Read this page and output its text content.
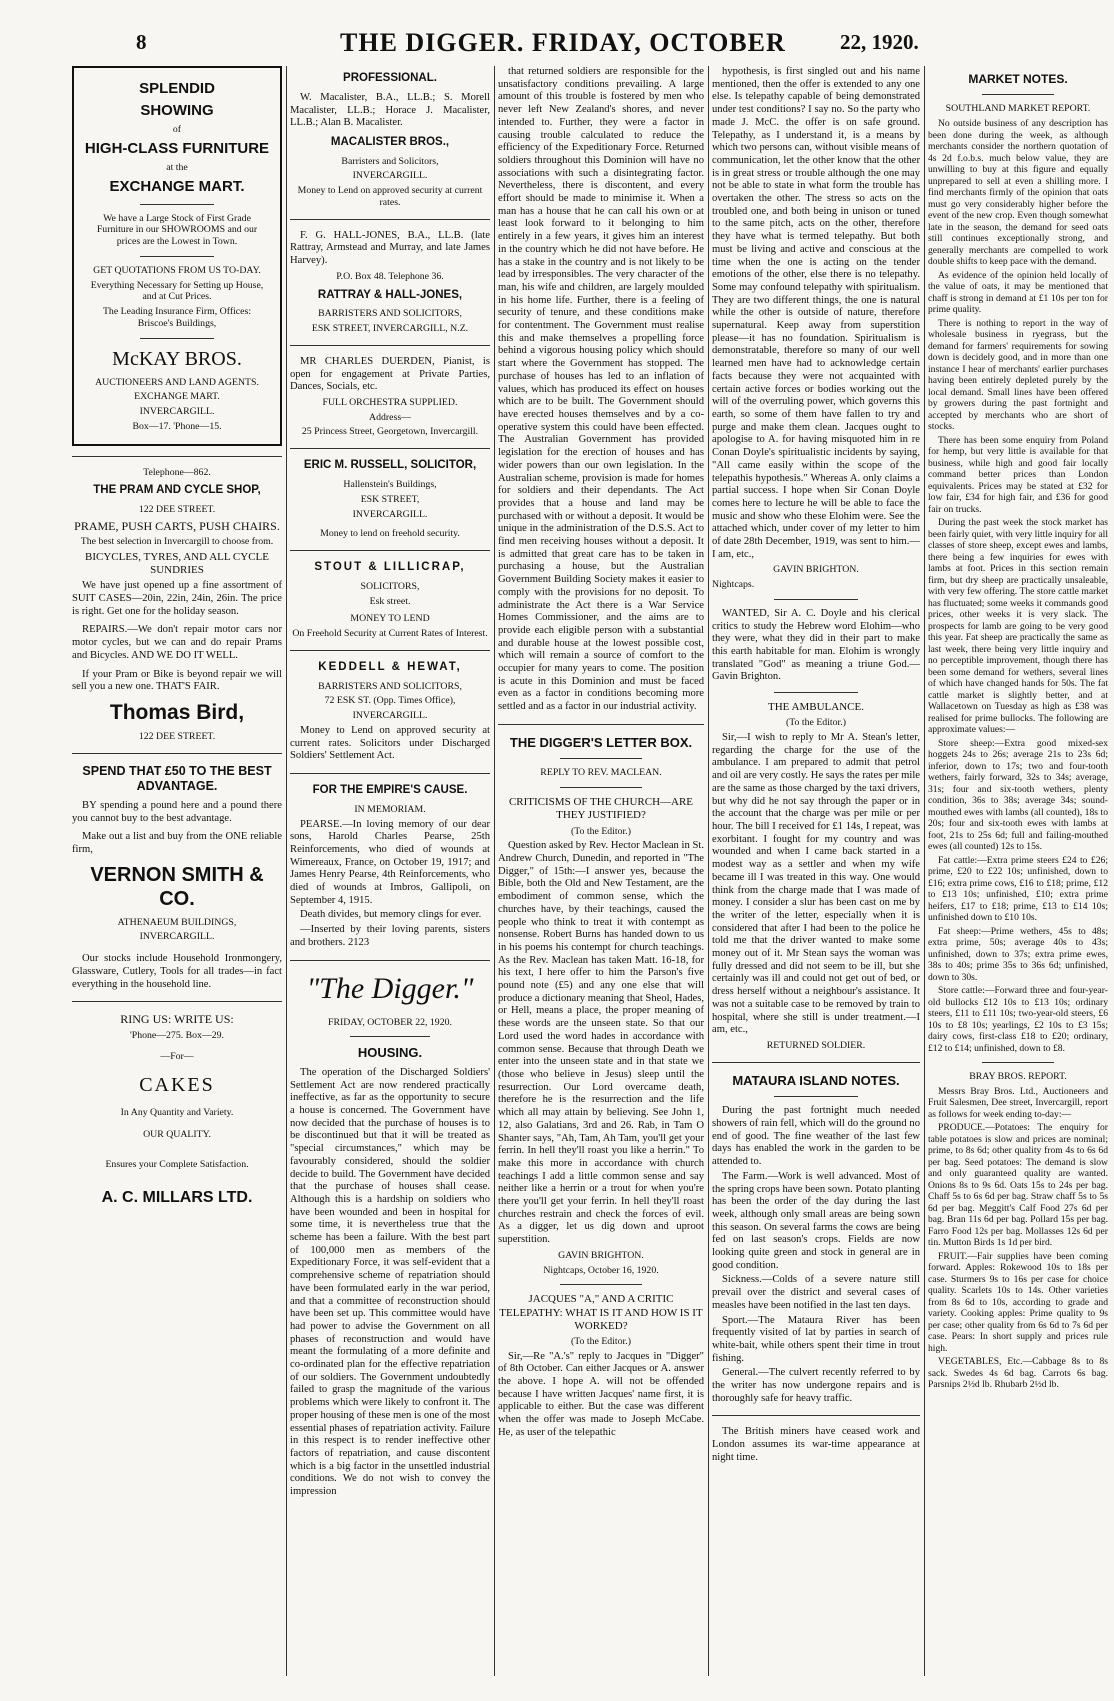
8	THE DIGGER. FRIDAY, OCTOBER	22, 1920.
SPLENDID
SHOWING
of
HIGH-CLASS FURNITURE
at the
EXCHANGE MART.
We have a Large Stock of First Grade Furniture in our SHOWROOMS and our prices are the Lowest in Town.
GET QUOTATIONS FROM US TO-DAY.
Everything Necessary for Setting up House, and at Cut Prices.
The Leading Insurance Firm, Offices: Briscoe's Buildings,
McKAY BROS.
AUCTIONEERS AND LAND AGENTS.
EXCHANGE MART.
INVERCARGILL.
Box—17. 'Phone—15.
Telephone—862.
THE PRAM AND CYCLE SHOP,
122 DEE STREET.
PRAME, PUSH CARTS, PUSH CHAIRS.
The best selection in Invercargill to choose from.
BICYCLES, TYRES, AND ALL CYCLE SUNDRIES

We have just opened up a fine assortment of SUIT CASES—20in, 22in, 24in, 26in. The price is right. Get one for the holiday season.

REPAIRS.—We don't repair motor cars nor motor cycles, but we can and do repair Prams and Bicycles. AND WE DO IT WELL.

If your Pram or Bike is beyond repair we will sell you a new one. THAT'S FAIR.

Thomas Bird,
122 DEE STREET.
SPEND THAT £50 TO THE BEST ADVANTAGE.

BY spending a pound here and a pound there you cannot buy to the best advantage.

Make out a list and buy from the ONE reliable firm,

VERNON SMITH & CO.
ATHENAEUM BUILDINGS,
INVERCARGILL.

Our stocks include Household Ironmongery, Glassware, Cutlery, Tools for all trades—in fact everything in the household line.

RING US: WRITE US:
'Phone—275. Box—29.
—For—
CAKES
In Any Quantity and Variety.
OUR QUALITY.
Ensures your Complete Satisfaction.
A. C. MILLARS LTD.
PROFESSIONAL.

W. Macalister, B.A., LL.B.; S. Morell Macalister, LL.B.; Horace J. Macalister, LL.B.; Alan B. Macalister.

MACALISTER BROS.,
Barristers and Solicitors,
INVERCARGILL.
Money to Lend on approved security at current rates.

F. G. HALL-JONES, B.A., LL.B. (late Rattray, Armstead and Murray, and late James Harvey).

P.O. Box 48. Telephone 36.
RATTRAY & HALL-JONES,
BARRISTERS AND SOLICITORS,
ESK STREET, INVERCARGILL, N.Z.

MR CHARLES DUERDEN, Pianist, is open for engagement at Private Parties, Dances, Socials, etc.

FULL ORCHESTRA SUPPLIED.
Address—
25 Princess Street, Georgetown, Invercargill.
ERIC M. RUSSELL, SOLICITOR,
Hallenstein's Buildings,
ESK STREET,
INVERCARGILL.
Money to lend on freehold security.
STOUT & LILLICRAP,
SOLICITORS,
Esk street.
MONEY TO LEND
On Freehold Security at Current Rates of Interest.
KEDDELL & HEWAT,
BARRISTERS AND SOLICITORS,
72 ESK ST. (Opp. Times Office),
INVERCARGILL.

Money to Lend on approved security at current rates. Solicitors under Discharged Soldiers' Settlement Act.

FOR THE EMPIRE'S CAUSE.
IN MEMORIAM.

PEARSE.—In loving memory of our dear sons, Harold Charles Pearse, 25th Reinforcements, who died of wounds at Wimereaux, France, on October 19, 1917; and James Henry Pearse, 4th Reinforcements, who died of wounds at Imbros, Gallipoli, on September 4, 1915.

Death divides, but memory clings for ever.

—Inserted by their loving parents, sisters and brothers. 2123

"The Digger."
FRIDAY, OCTOBER 22, 1920.
HOUSING.

The operation of the Discharged Soldiers' Settlement Act are now rendered practically ineffective, as far as the opportunity to secure a house is concerned. The Government have now decided that the purchase of houses is to be discontinued but that it will be treated as "special circumstances," which may be favourably considered, should the soldier decide to build. The Government have decided that the purchase of houses shall cease. Although this is a hardship on soldiers who have been wounded and been in hospital for some time, it is nevertheless true that the scheme has been a failure. With the best part of 100,000 men as members of the Expeditionary Force, it was self-evident that a comprehensive scheme of repatriation should have been formulated early in the war period, and that a committee of reconstruction should have been set up. This committee would have had power to advise the Government on all phases of reconstruction and would have meant the formulating of a more definite and co-ordinated plan for the effective repatriation of our soldiers. The Government undoubtedly failed to grasp the magnitude of the various problems which were likely to confront it. The proper housing of these men is one of the most essential phases of repatriation activity. Failure in this respect is to render ineffective other factors of repatriation, and cause discontent which is a big factor in the unsettled industrial conditions. We do not wish to convey the impression

that returned soldiers are responsible for the unsatisfactory conditions prevailing. A large amount of this trouble is fostered by men who never left New Zealand's shores, and never intended to. Further, they were a factor in causing trouble calculated to reduce the efficiency of the Expeditionary Force. Returned soldiers throughout this Dominion will have no associations with such a disintegrating factor. Nevertheless, there is discontent, and every effort should be made to minimise it. When a man has a house that he can call his own or at least look forward to it belonging to him entirely in a few years, it gives him an interest in the country which he did not have before. He has a stake in the country and is not likely to be lead by irresponsibles. The very character of the man, his wife and children, are largely moulded in his home life. Further, there is a feeling of security of tenure, and these conditions make for contentment. The Government must realise this and make themselves a propelling force behind a vigorous housing policy which should start where the Government has stopped. The purchase of houses has led to an inflation of values, which has produced its effect on houses which are to be built. The Government should have erected houses themselves and by a co-operative system this could have been effected. The Australian Government has provided legislation for the erection of houses and has wider powers than our own legislation. In the Australian scheme, provision is made for homes for soldiers and their dependants. The Act provides that a house and land may be purchased with or without a deposit. It would be unique in the administration of the D.S.S. Act to find men receiving houses without a deposit. It is admitted that great care has to be taken in purchasing a house, but the Australian Government Building Society makes it easier to comply with the provisions for no deposit. To administrate the Act there is a War Service Homes Commissioner, and the aims are to provide each eligible person with a substantial and durable house at the lowest possible cost, which will remain a source of comfort to the occupier for many years to come. The position is acute in this Dominion and must be faced even as a factor in conditions becoming more settled and as a factor in our industrial activity.

THE DIGGER'S LETTER BOX.
REPLY TO REV. MACLEAN.
CRITICISMS OF THE CHURCH—ARE THEY JUSTIFIED?
(To the Editor.)

Question asked by Rev. Hector Maclean in St. Andrew Church, Dunedin, and reported in "The Digger," of 15th:—I answer yes, because the Bible, both the Old and New Testament, are the embodiment of common sense, which the churches have, by their teachings, caused the people who think to treat it with contempt as nonsense. Robert Burns has handed down to us in his poems his contempt for church teachings. As the Rev. Maclean has taken Matt. 16-18, for his text, I here offer to him the Parson's five pound note (£5) and any one else that will produce a dictionary meaning that Sheol, Hades, or Hell, means a place, the proper meaning of these words are the unseen state. So that our Lord used the word hades in accordance with common sense. Because that through Death we enter into the unseen state and in that state we (those who believe in Jesus) sleep until the resurrection. Our Lord overcame death, therefore he is the resurrection and the life which all may attain by believing. See John 1, 12, also Galatians, 3rd and 26. Rab, in Tam O Shanter says, "Ah, Tam, Ah Tam, you'll get your ferrin. In hell they'll roast you like a herrin." To make this more in accordance with church teachings I add a little common sense and say neither like a herrin or a trout for when you're there you'll get your ferrin. In hell they'll roast churches restrain and check the forces of evil. As a digger, let us dig down and uproot superstition.

GAVIN BRIGHTON.
Nightcaps, October 16, 1920.
JACQUES "A," AND A CRITIC TELEPATHY: WHAT IS IT AND HOW IS IT WORKED?
(To the Editor.)

Sir,—Re "A.'s" reply to Jacques in "Digger" of 8th October. Can either Jacques or A. answer the above. I hope A. will not be offended because I have written Jacques' name first, it is applicable to either. But the case was different when the offer was made to Joseph McCabe. He, as user of the telepathic

hypothesis, is first singled out and his name mentioned, then the offer is extended to any one else. Is telepathy capable of being demonstrated under test conditions? I say no. So the party who made J. McC. the offer is on safe ground. Telepathy, as I understand it, is a means by which two persons can, without visible means of communication, let the other know that the other is in great stress or trouble although the one may not be able to state in what form the trouble has overtaken the other. The stress so acts on the troubled one, and both being in unison or tuned to the same pitch, acts on the other, therefore they have what is termed telepathy. But both must be living and active and conscious at the time when the one is acting on the tender emotions of the other, else there is no telepathy. Some may confound telepathy with spiritualism. They are two different things, the one is natural while the other is outside of nature, therefore supernatural. Keep away from superstition please—it has no foundation. Spiritualism is demonstratable, therefore so many of our well learned men have had to acknowledge certain facts because they were not acquainted with certain active forces or bodies working out the will of the overruling power, which governs this earth, so some of them have fallen to try and purge and make them clean. Jacques ought to apologise to A. for having misquoted him in re Conan Doyle's spiritualistic incidents by saying, "All came easily within the scope of the telepathis hypothesis." Whereas A. only claims a partial success. I hope when Sir Conan Doyle comes here to lecture he will be able to face the music and show who these Elohim were. See the attached which, under cover of my letter to him of date 28th December, 1919, was sent to him.—I am, etc.,

GAVIN BRIGHTON.
Nightcaps.

WANTED, Sir A. C. Doyle and his clerical critics to study the Hebrew word Elohim—who they were, what they did in their part to make this earth habitable for man. Elohim is wrongly translated "God" as meaning a triune God.—Gavin Brighton.

THE AMBULANCE.
(To the Editor.)

Sir,—I wish to reply to Mr A. Stean's letter, regarding the charge for the use of the ambulance. I am prepared to admit that petrol and oil are very costly. He says the rates per mile are the same as those charged by the taxi drivers, but why did he not say through the paper or in the account that the charge was per mile or per hour. The bill I received for £1 14s, I repeat, was exorbitant. I fought for my country and was wounded and when I came back started in a modest way as a settler and when my wife became ill I was treated in this way. One would think from the charge made that I was made of money. I consider a slur has been cast on me by the writer of the letter, especially when it is considered that after I had been to the police he told me that the driver wanted to make some money out of it. Mr Stean says the woman was fully dressed and did not seem to be ill, but she certainly was ill and could not get out of bed, or dress herself without a neighbour's assistance. It was not a suitable case to be removed by train to hospital, where she still is under treatment.—I am, etc.,

RETURNED SOLDIER.
MATAURA ISLAND NOTES.

During the past fortnight much needed showers of rain fell, which will do the ground no end of good. The fine weather of the last few days has enabled the work in the garden to be attended to.

The Farm.—Work is well advanced. Most of the spring crops have been sown. Potato planting has been the order of the day during the last week, although only small areas are being sown this season. On several farms the cows are being fed on last season's crops. Fields are now looking quite green and stock in general are in good condition.

Sickness.—Colds of a severe nature still prevail over the district and several cases of measles have been notified in the last ten days.

Sport.—The Mataura River has been frequently visited of lat by parties in search of white-bait, while others spent their time in trout fishing.

General.—The culvert recently referred to by the writer has now undergone repairs and is thoroughly safe for heavy traffic.

The British miners have ceased work and London assumes its war-time appearance at night time.

MARKET NOTES.
SOUTHLAND MARKET REPORT.

No outside business of any description has been done during the week, as although merchants consider the northern quotation of 4s 2d f.o.b.s. much below value, they are unwilling to buy at this figure and equally unprepared to sell at even a shilling more. I find merchants firmly of the opinion that oats must go very considerably higher before the event of the new crop. Even though somewhat late in the season, the demand for seed oats still continues exceptionally strong, and generally merchants are compelled to work double shifts to keep pace with the demand.

As evidence of the opinion held locally of the value of oats, it may be mentioned that chaff is strong in demand at £1 10s per ton for prime quality.

There is nothing to report in the way of wholesale business in ryegrass, but the demand for farmers' requirements for sowing down is decidely good, and in more than one instance I hear of merchants' earlier purchases having been entirely depleted purely by the local demand. Small lines have been offered by growers during the past fortnight and accepted by merchants who are short of stocks.

There has been some enquiry from Poland for hemp, but very little is available for that business, while high and good fair locally command better prices than London equivalents. Prices may be stated at £32 for low fair, £34 for high fair, and £36 for good fair on trucks.

During the past week the stock market has been fairly quiet, with very little inquiry for all classes of store sheep, except ewes and lambs, there being a few inquiries for ewes with lambs at foot. Prices in this section remain firm, but dry sheep are practically unsaleable, with very few offering. The store cattle market has fluctuated; some weeks it commands good prices, other weeks it is very slack. The prospects for lamb are going to be very good this year. Fat sheep are practically the same as last week, there being very little inquiry and no perceptible improvement, though there has been some demand for wethers, several lines of which have changed hands for 50s. The fat cattle market is slightly better, and at Wallacetown on Tuesday as high as £38 was realised for prime bullocks. The following are approximate values:—

Store sheep:—Extra good mixed-sex hoggets 24s to 26s; average 21s to 23s 6d; inferior, down to 17s; two and four-tooth wethers, fairly forward, 32s to 34s; average, 31s; four and six-tooth wethers, plenty condition, 36s to 38s; average 34s; sound-mouthed ewes with lambs (all counted), 18s to 20s; four and six-tooth ewes with lambs at foot, 21s to 25s 6d; full and failing-mouthed ewes (all counted) 12s to 15s.

Fat cattle:—Extra prime steers £24 to £26; prime, £20 to £22 10s; unfinished, down to £16; extra prime cows, £16 to £18; prime, £12 to £13 10s; unfinished, £10; extra prime heifers, £17 to £18; prime, £13 to £14 10s; unfinished down to £10 10s.

Fat sheep:—Prime wethers, 45s to 48s; extra prime, 50s; average 40s to 43s; unfinished, down to 37s; extra prime ewes, 38s to 40s; prime 35s to 36s 6d; unfinished, down to 30s.

Store cattle:—Forward three and four-year-old bullocks £12 10s to £13 10s; ordinary steers, £11 to £11 10s; two-year-old steers, £6 10s to £8 10s; yearlings, £2 10s to £3 15s; dairy cows, first-class £18 to £20; ordinary, £12 to £14; unfinished, down to £8.

BRAY BROS. REPORT.

Messrs Bray Bros. Ltd., Auctioneers and Fruit Salesmen, Dee street, Invercargill, report as follows for week ending to-day:—

PRODUCE.—Potatoes: The enquiry for table potatoes is slow and prices are nominal; prime, to 8s 6d; other quality from 4s to 6s 6d per bag. Seed potatoes: The demand is slow and only guaranteed quality are wanted. Onions 8s to 9s 6d. Oats 15s to 24s per bag. Chaff 5s to 6s 6d per bag. Straw chaff 5s to 5s 6d per bag. Meggitt's Calf Food 27s 6d per bag. Bran 11s 6d per bag. Pollard 15s per bag. Farro Food 12s per bag. Mollasses 12s 6d per tin. Mutton Birds 1s 1d per bird.

FRUIT.—Fair supplies have been coming forward. Apples: Rokewood 10s to 18s per case. Sturmers 9s to 16s per case for choice quality. Scarlets 10s to 14s. Other varieties from 8s 6d to 10s, according to grade and variety. Cooking apples: Prime quality to 9s per case; other quality from 6s 6d to 7s 6d per case. Pears: In short supply and prices rule high.

VEGETABLES, Etc.—Cabbage 8s to 8s sack. Swedes 4s 6d bag. Carrots 6s bag. Parsnips 2½d lb. Rhubarb 2½d lb.
